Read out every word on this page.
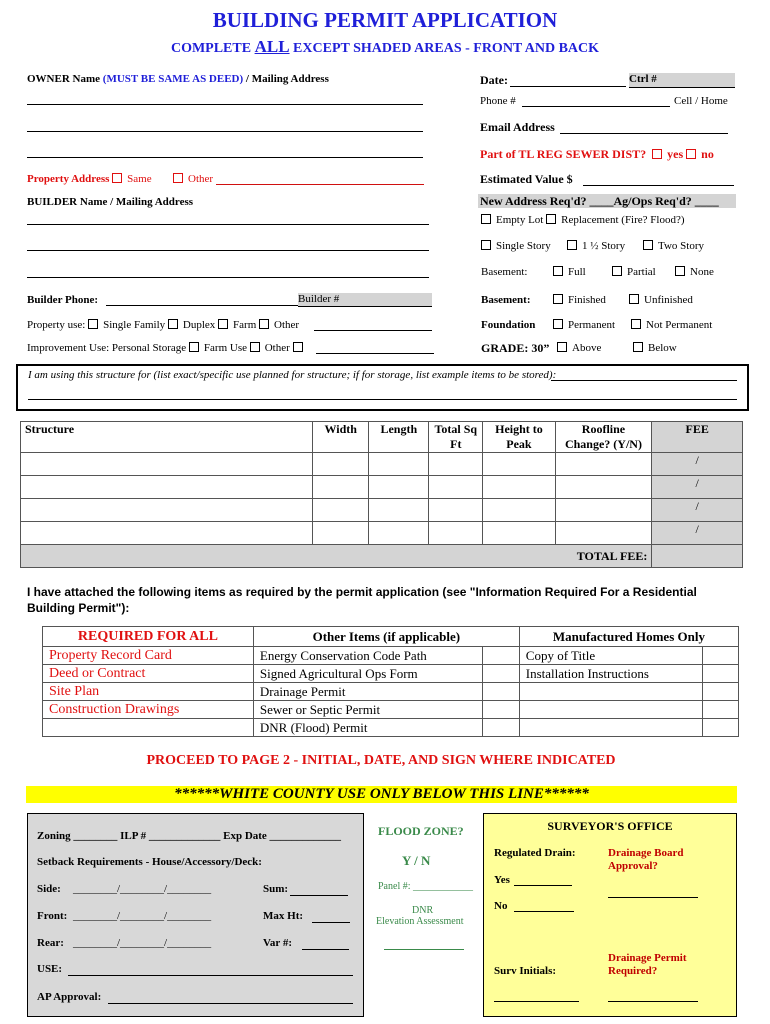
BUILDING PERMIT APPLICATION
COMPLETE ALL EXCEPT SHADED AREAS - FRONT AND BACK
OWNER Name (MUST BE SAME AS DEED) / Mailing Address	Date:	Ctrl #
Phone #	Cell / Home
Email Address
Part of TL REG SEWER DIST? yes no
Estimated Value $
New Address Req'd? ____Ag/Ops Req'd? ____
Empty Lot Replacement (Fire? Flood?)
Single Story	1 ½ Story	Two Story
Basement:	Full	Partial	None
Basement:	Finished	Unfinished
Foundation	Permanent	Not Permanent
GRADE: 30”	Above	Below
Property Address Same	Other
BUILDER Name / Mailing Address
Builder Phone:	Builder #
Property use: Single Family Duplex Farm Other
Improvement Use: Personal Storage Farm Use Other
I am using this structure for (list exact/specific use planned for structure; if for storage, list example items to be stored):
Structure	Width	Length	Total Sq Ft	Height to Peak	Roofline Change? (Y/N)	FEE
						/
						/
						/
						/
TOTAL FEE:						
I have attached the following items as required by the permit application (see "Information Required For a Residential Building Permit"):
REQUIRED FOR ALL	Other Items (if applicable)		Manufactured Homes Only	
Property Record Card	Energy Conservation Code Path		Copy of Title	
Deed or Contract	Signed Agricultural Ops Form		Installation Instructions	
Site Plan	Drainage Permit			
Construction Drawings	Sewer or Septic Permit			
	DNR (Flood) Permit			
PROCEED TO PAGE 2 - INITIAL, DATE, AND SIGN WHERE INDICATED
******WHITE COUNTY USE ONLY BELOW THIS LINE******
Zoning ________ ILP # _____________ Exp Date _____________
Setback Requirements - House/Accessory/Deck:
Side: ________/________/________	Sum:
Front: ________/________/________	Max Ht:
Rear: ________/________/________	Var #:
USE:
AP Approval:
FLOOD ZONE?
Y / N
Panel #: ____________
DNR
Elevation Assessment
SURVEYOR'S OFFICE
Regulated Drain:	Drainage Board
Approval?
Yes
No
Drainage Permit
Required?
Surv Initials:
